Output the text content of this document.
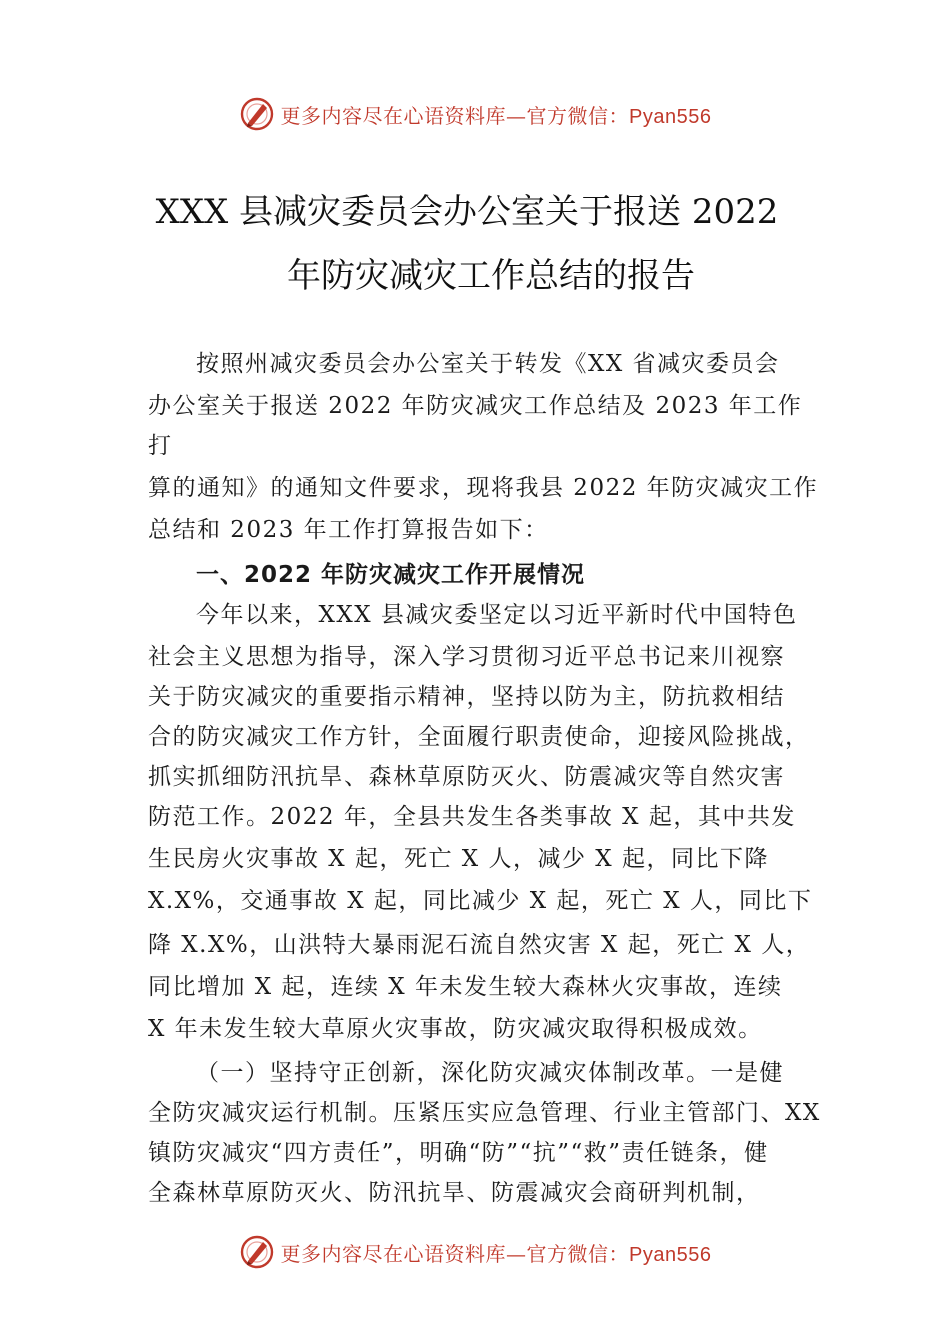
更多内容尽在心语资料库—官方微信：Pyan556
XXX 县减灾委员会办公室关于报送 2022
年防灾减灾工作总结的报告
按照州减灾委员会办公室关于转发《XX 省减灾委员会
办公室关于报送 2022 年防灾减灾工作总结及 2023 年工作
打
算的通知》的通知文件要求，现将我县 2022 年防灾减灾工作
总结和 2023 年工作打算报告如下：
一、2022 年防灾减灾工作开展情况
今年以来，XXX 县减灾委坚定以习近平新时代中国特色
社会主义思想为指导，深入学习贯彻习近平总书记来川视察
关于防灾减灾的重要指示精神，坚持以防为主，防抗救相结
合的防灾减灾工作方针，全面履行职责使命，迎接风险挑战，
抓实抓细防汛抗旱、森林草原防灭火、防震减灾等自然灾害
防范工作。2022 年，全县共发生各类事故 X 起，其中共发
生民房火灾事故 X 起，死亡 X 人，减少 X 起，同比下降
X.X%，交通事故 X 起，同比减少 X 起，死亡 X 人，同比下
降 X.X%，山洪特大暴雨泥石流自然灾害 X 起，死亡 X 人，
同比增加 X 起，连续 X 年未发生较大森林火灾事故，连续
X 年未发生较大草原火灾事故，防灾减灾取得积极成效。
（一）坚持守正创新，深化防灾减灾体制改革。一是健
全防灾减灾运行机制。压紧压实应急管理、行业主管部门、XX
镇防灾减灾“四方责任”，明确“防”“抗”“救”责任链条，健
全森林草原防灭火、防汛抗旱、防震减灾会商研判机制，
更多内容尽在心语资料库—官方微信：Pyan556
